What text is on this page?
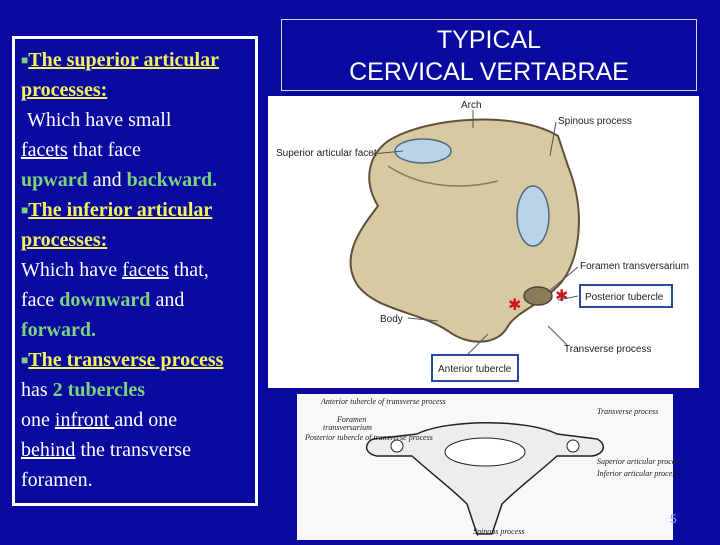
■The superior articular processes:

Which have small

facets that face

upward and backward.

■The inferior articular processes:

Which have facets that,

face downward and

forward.

■The transverse process has 2 tubercles

one infront and one

behind the transverse foramen.

TYPICAL
CERVICAL VERTABRAE
✱ ✱
Arch
Spinous process
Superior articular facet
Foramen transversarium
Posterior tubercle
Body
Transverse process
Anterior tubercle
Anterior tubercle of transverse process
Foramen
transversarium
Posterior tubercle of transverse process
Transverse process
Superior articular process
Inferior articular process
Spinous process
5
